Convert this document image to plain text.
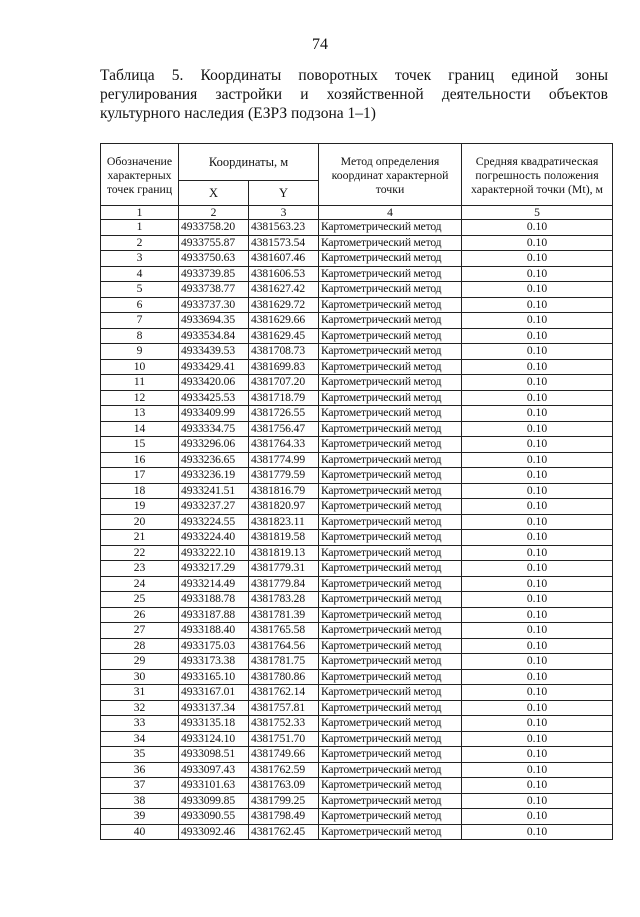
74
Таблица 5. Координаты поворотных точек границ единой зоны регулирования застройки и хозяйственной деятельности объектов культурного наследия (ЕЗРЗ подзона 1–1)
Обозначение характерных точек границ	Координаты, м		Метод определения координат характерной точки	Средняя квадратическая погрешность положения характерной точки (Mt), м
	X	Y		
1	2	3	4	5
1	4933758.20	4381563.23	Картометрический метод	0.10
2	4933755.87	4381573.54	Картометрический метод	0.10
3	4933750.63	4381607.46	Картометрический метод	0.10
4	4933739.85	4381606.53	Картометрический метод	0.10
5	4933738.77	4381627.42	Картометрический метод	0.10
6	4933737.30	4381629.72	Картометрический метод	0.10
7	4933694.35	4381629.66	Картометрический метод	0.10
8	4933534.84	4381629.45	Картометрический метод	0.10
9	4933439.53	4381708.73	Картометрический метод	0.10
10	4933429.41	4381699.83	Картометрический метод	0.10
11	4933420.06	4381707.20	Картометрический метод	0.10
12	4933425.53	4381718.79	Картометрический метод	0.10
13	4933409.99	4381726.55	Картометрический метод	0.10
14	4933334.75	4381756.47	Картометрический метод	0.10
15	4933296.06	4381764.33	Картометрический метод	0.10
16	4933236.65	4381774.99	Картометрический метод	0.10
17	4933236.19	4381779.59	Картометрический метод	0.10
18	4933241.51	4381816.79	Картометрический метод	0.10
19	4933237.27	4381820.97	Картометрический метод	0.10
20	4933224.55	4381823.11	Картометрический метод	0.10
21	4933224.40	4381819.58	Картометрический метод	0.10
22	4933222.10	4381819.13	Картометрический метод	0.10
23	4933217.29	4381779.31	Картометрический метод	0.10
24	4933214.49	4381779.84	Картометрический метод	0.10
25	4933188.78	4381783.28	Картометрический метод	0.10
26	4933187.88	4381781.39	Картометрический метод	0.10
27	4933188.40	4381765.58	Картометрический метод	0.10
28	4933175.03	4381764.56	Картометрический метод	0.10
29	4933173.38	4381781.75	Картометрический метод	0.10
30	4933165.10	4381780.86	Картометрический метод	0.10
31	4933167.01	4381762.14	Картометрический метод	0.10
32	4933137.34	4381757.81	Картометрический метод	0.10
33	4933135.18	4381752.33	Картометрический метод	0.10
34	4933124.10	4381751.70	Картометрический метод	0.10
35	4933098.51	4381749.66	Картометрический метод	0.10
36	4933097.43	4381762.59	Картометрический метод	0.10
37	4933101.63	4381763.09	Картометрический метод	0.10
38	4933099.85	4381799.25	Картометрический метод	0.10
39	4933090.55	4381798.49	Картометрический метод	0.10
40	4933092.46	4381762.45	Картометрический метод	0.10
